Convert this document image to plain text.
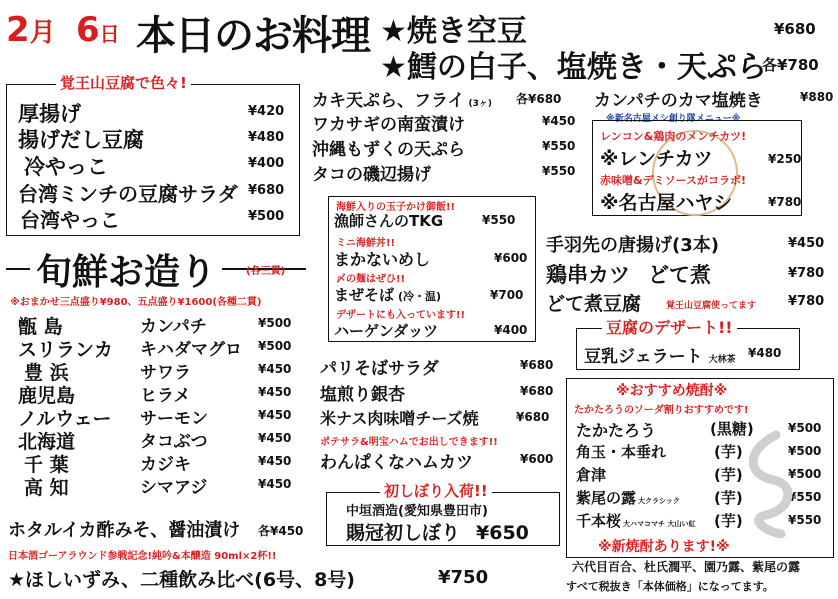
2月 6日 本日のお料理 ★焼き空豆	¥680
★鱈の白子、塩焼き・天ぷら
各¥780
覚王山豆腐で色々!
厚揚げ	¥420
揚げだし豆腐	¥480
冷やっこ	¥400
台湾ミンチの豆腐サラダ ¥680
台湾やっこ	¥500
旬鮮お造り	(各三貫)
※おまかせ三点盛り¥980、五点盛り¥1600(各種二貫)
甑 島	カンパチ	¥500
スリランカ キハダマグロ ¥500
豊 浜	サワラ	¥450
鹿児島	ヒラメ	¥450
ノルウェー サーモン	¥450
北海道	タコぶつ	¥450
千 葉	カジキ	¥450
高 知	シマアジ	¥450
ホタルイカ酢みそ、醤油漬け 各¥450
日本酒ゴーアラウンド参戦記念!純吟&本醸造 90ml×2杯!!
★ほしいずみ、二種飲み比べ(6号、8号)	¥750
カキ天ぷら、フライ (3ヶ) 各¥680
ワカサギの南蛮漬け	¥450
沖縄もずくの天ぷら	¥550
タコの磯辺揚げ	¥550
海鮮入りの玉子かけ御飯!!
漁師さんのTKG	¥550
ミニ海鮮丼!!
まかないめし	¥600
〆の麺はぜひ!!
まぜそば (冷・温)	¥700
デザートにも入っています!!
ハーゲンダッツ	¥400
パリそばサラダ	¥680
塩煎り銀杏	¥680
米ナス肉味噌チーズ焼	¥680
ポテサラ&明宝ハムでお出しできます!!
わんぱくなハムカツ	¥600
初しぼり入荷!!
中垣酒造(愛知県豊田市)
賜冠初しぼり ¥650
カンパチのカマ塩焼き	¥880
※新名古屋メシ創り隊メニュー※
レンコン&鶏肉のメンチカツ!
※レンチカツ	¥250
赤味噌&デミソースがコラボ!
※名古屋ハヤシ	¥780
手羽先の唐揚げ(3本)	¥450
鶏串カツ どて煮	¥780
どて煮豆腐	覚王山豆腐使ってます ¥780
豆腐のデザート!!
豆乳ジェラート 大林茶 ¥480
※おすすめ焼酎※
たかたろうのソーダ割りおすすめです!
たかたろう	(黒糖)	¥500
角玉・本垂れ	(芋)	¥500
倉津	(芋)	¥500
紫尾の露 大クラシック (芋)	¥550
千本桜 大ハマコマチ 大山い紅 (芋)	¥550
※新焼酎あります!※
六代目百合、杜氏潤平、園乃露、紫尾の露
すべて税抜き「本体価格」になってます。
